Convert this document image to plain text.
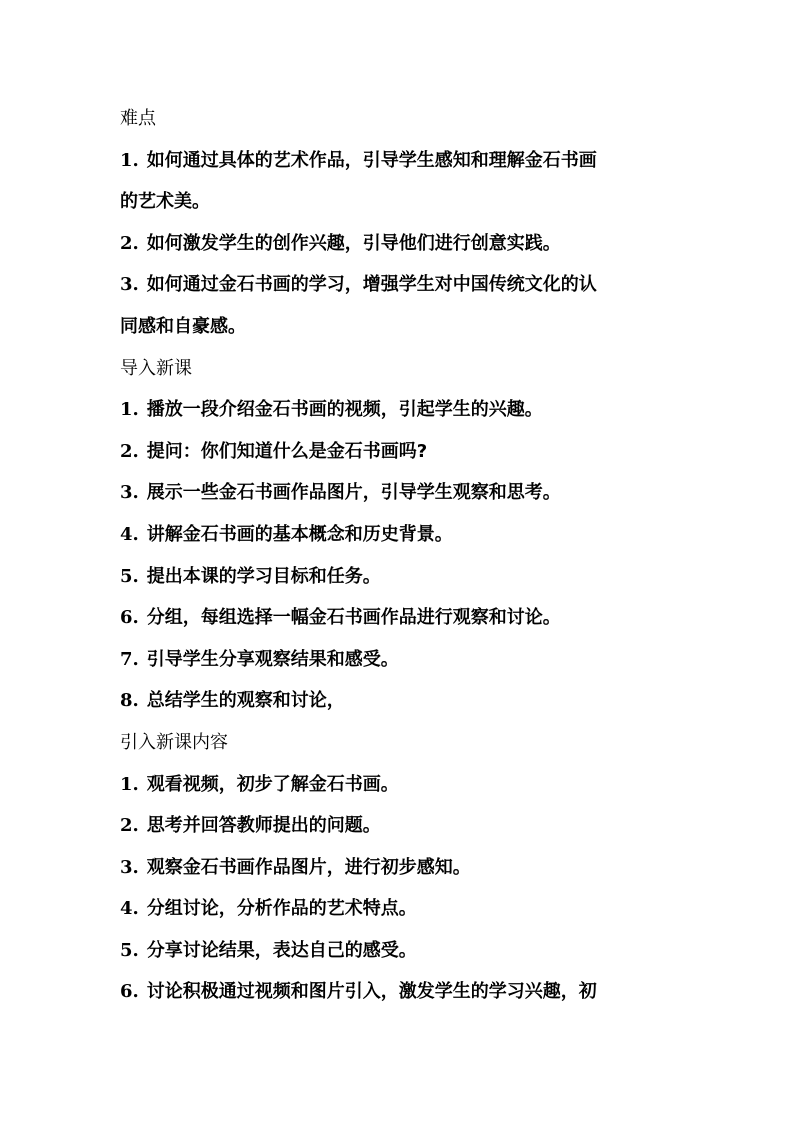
难点
1. 如何通过具体的艺术作品，引导学生感知和理解金石书画
的艺术美。
2. 如何激发学生的创作兴趣，引导他们进行创意实践。
3. 如何通过金石书画的学习，增强学生对中国传统文化的认
同感和自豪感。
导入新课
1. 播放一段介绍金石书画的视频，引起学生的兴趣。
2. 提问：你们知道什么是金石书画吗?
3. 展示一些金石书画作品图片，引导学生观察和思考。
4. 讲解金石书画的基本概念和历史背景。
5. 提出本课的学习目标和任务。
6. 分组，每组选择一幅金石书画作品进行观察和讨论。
7. 引导学生分享观察结果和感受。
8. 总结学生的观察和讨论，
引入新课内容
1. 观看视频，初步了解金石书画。
2. 思考并回答教师提出的问题。
3. 观察金石书画作品图片，进行初步感知。
4. 分组讨论，分析作品的艺术特点。
5. 分享讨论结果，表达自己的感受。
6. 讨论积极通过视频和图片引入，激发学生的学习兴趣，初
